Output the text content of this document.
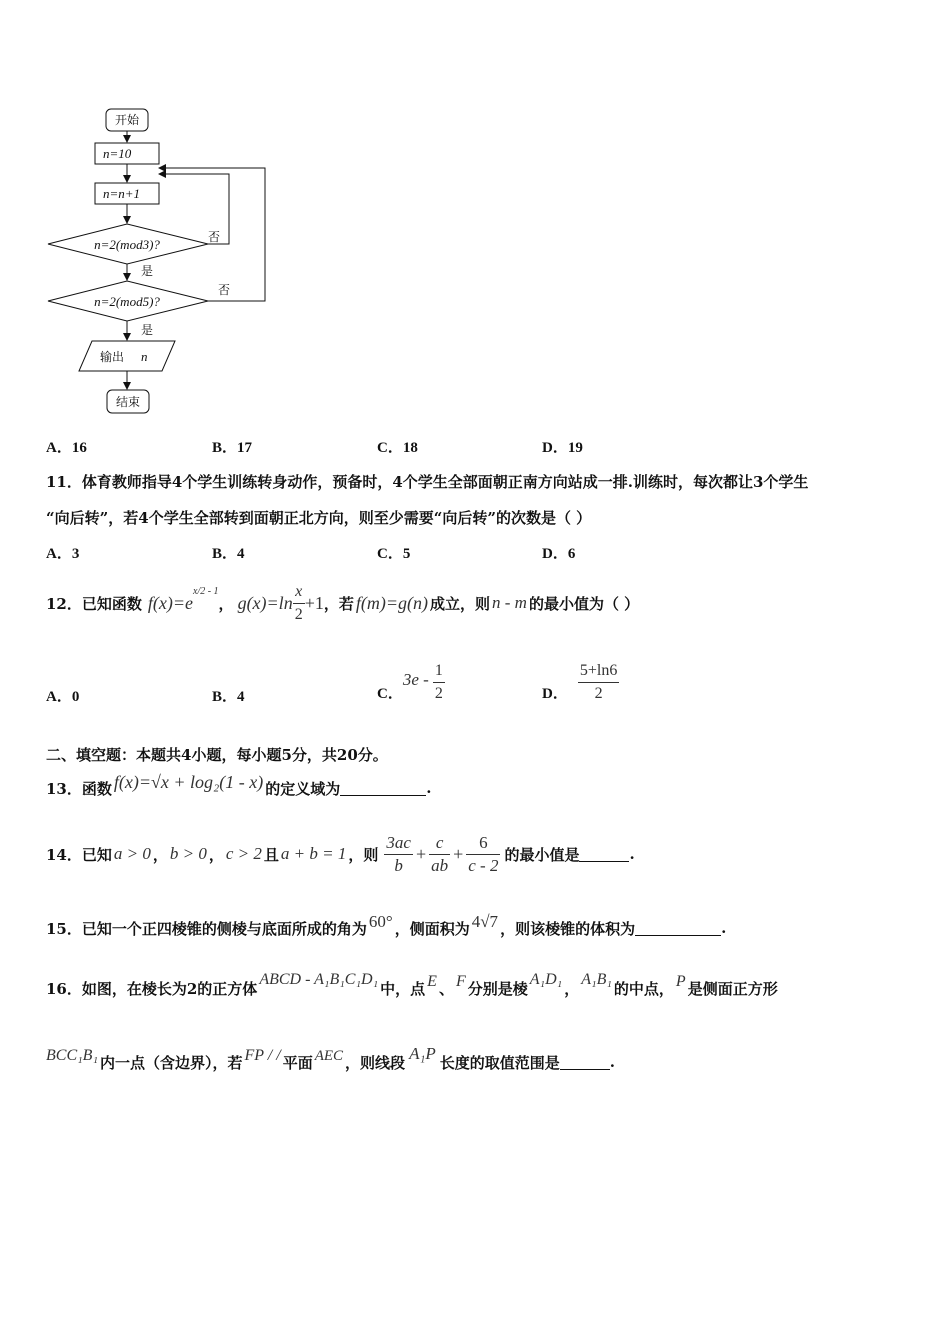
开始
n=10
n=n+1
n=2(mod3)?	否
是
n=2(mod5)?
否
是
输出 n
结束
A．16	B．17	C．18	D．19
11．体育教师指导4个学生训练转身动作，预备时，4个学生全部面朝正南方向站成一排.训练时，每次都让3个学生
“向后转”，若4个学生全部转到面朝正北方向，则至少需要“向后转”的次数是（ ）
A．3	B．4	C．5	D．6
12．已知函数 f(x)=e
x/2 - 1
， $g(x)=\ln \frac{x}{2} +1$ ，若 f(m)=g(n) 成立，则 n - m 的最小值为（ ）
A．0	B．4	C．
$3e - \frac{1}{2}$	D． $\frac{5+\ln 6}{2}$
二、填空题：本题共4小题，每小题5分，共20分。
13．函数 f(x)=√x + log₂(1 - x) 的定义域为	.
14．已知 a > 0 ， b > 0 ， c > 2 且 a + b = 1 ，则 $\frac{3ac}{b} + \frac{c}{ab} + \frac{6}{c - 2}$ 的最小值是	.
15．已知一个正四棱锥的侧棱与底面所成的角为 60° ，侧面积为 4√7 ，则该棱锥的体积为	.
16．如图，在棱长为2的正方体 ABCD - A₁B₁C₁D₁ 中，点 E 、 F 分别是棱 A₁D₁ ， A₁B₁ 的中点， P 是侧面正方形
BCC₁B₁ 内一点（含边界），若 FP / / 平面 AEC ，则线段 A₁P 长度的取值范围是	.
